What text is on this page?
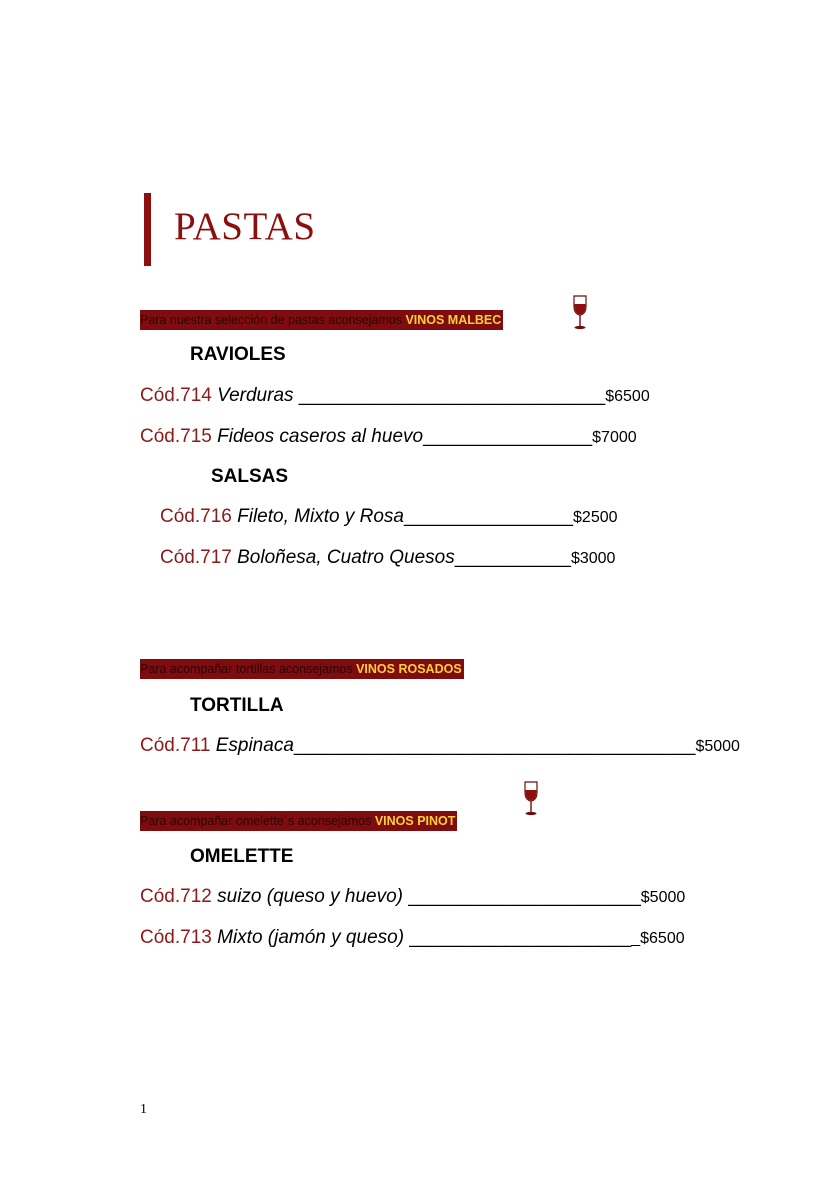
PASTAS
Para nuestra selección de pastas aconsejamos VINOS MALBEC
RAVIOLES
Cód.714 Verduras _____________________________$6500
Cód.715 Fideos caseros al huevo________________$7000
SALSAS
Cód.716 Fileto, Mixto y Rosa________________$2500
Cód.717 Boloñesa, Cuatro Quesos___________$3000
Para acompañar tortillas aconsejamos VINOS ROSADOS
TORTILLA
Cód.711 Espinaca______________________________________$5000
Para acompañar omelette´s aconsejamos VINOS PINOT
OMELETTE
Cód.712 suizo (queso y huevo) ______________________$5000
Cód.713 Mixto (jamón y queso) ______________________$6500
1
